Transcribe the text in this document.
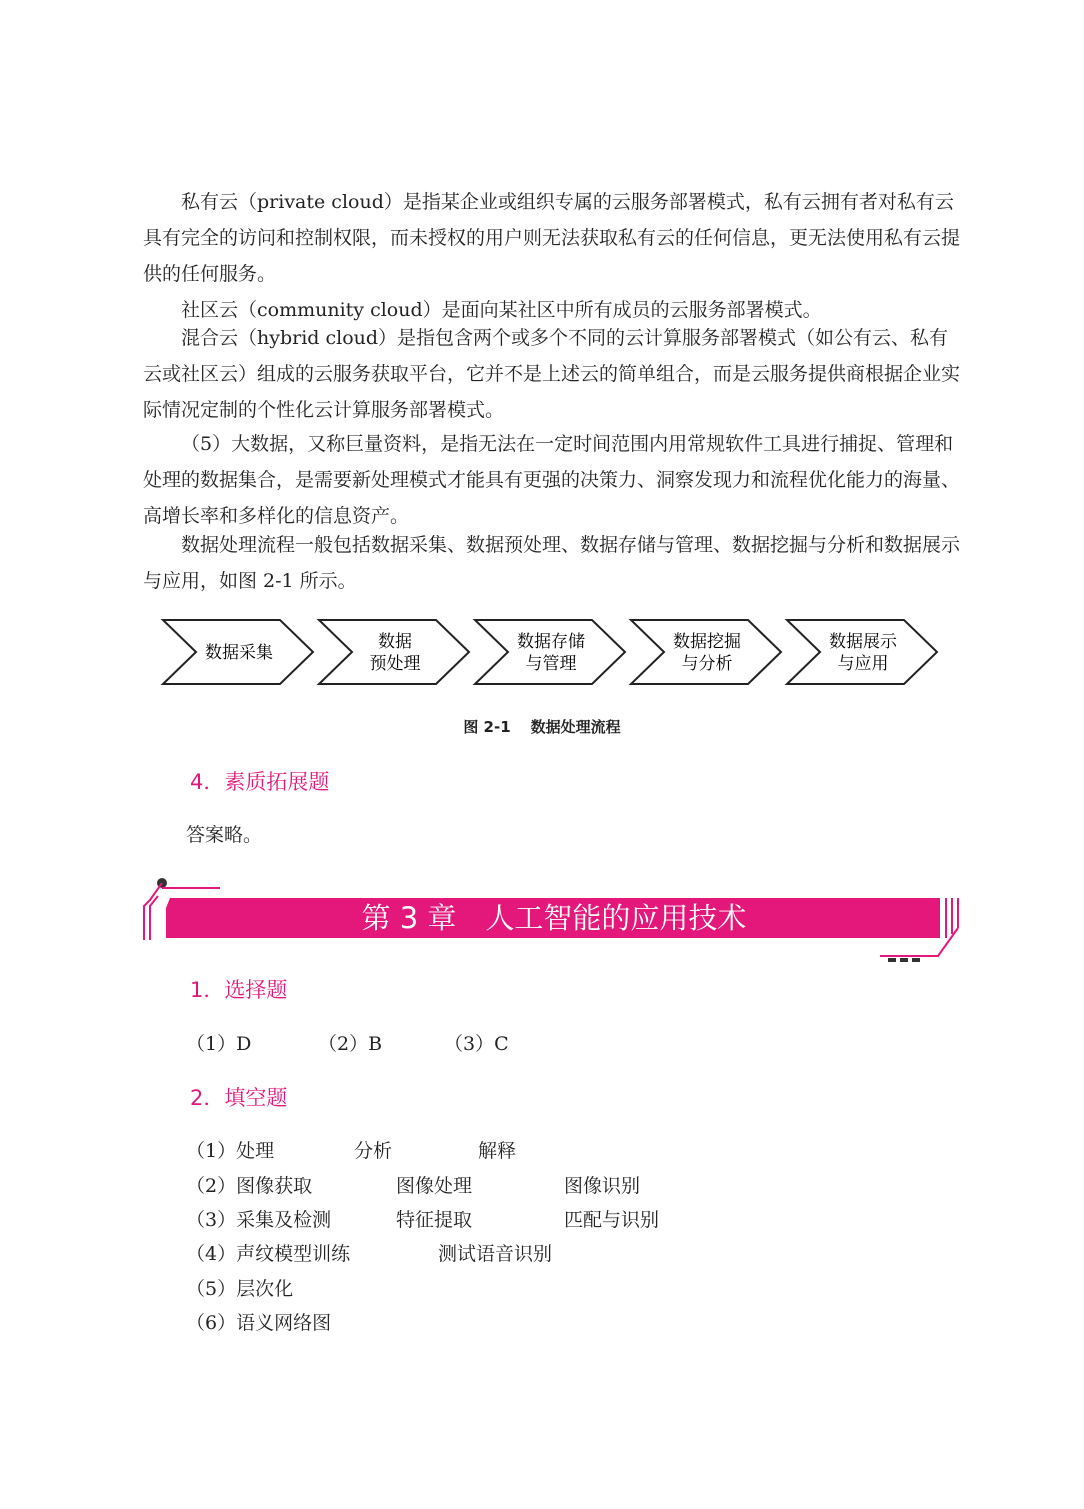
私有云（private cloud）是指某企业或组织专属的云服务部署模式，私有云拥有者对私有云具有完全的访问和控制权限，而未授权的用户则无法获取私有云的任何信息，更无法使用私有云提供的任何服务。

社区云（community cloud）是面向某社区中所有成员的云服务部署模式。

混合云（hybrid cloud）是指包含两个或多个不同的云计算服务部署模式（如公有云、私有云或社区云）组成的云服务获取平台，它并不是上述云的简单组合，而是云服务提供商根据企业实际情况定制的个性化云计算服务部署模式。

（5）大数据，又称巨量资料，是指无法在一定时间范围内用常规软件工具进行捕捉、管理和处理的数据集合，是需要新处理模式才能具有更强的决策力、洞察发现力和流程优化能力的海量、高增长率和多样化的信息资产。

数据处理流程一般包括数据采集、数据预处理、数据存储与管理、数据挖掘与分析和数据展示与应用，如图 2-1 所示。

数据采集
数据
预处理
数据存储
与管理
数据挖掘
与分析
数据展示
与应用
图 2-1 数据处理流程
4．素质拓展题

答案略。

第 3 章　人工智能的应用技术
1．选择题
（1）D	（2）B	（3）C
2．填空题
（1）处理	分析	解释
（2）图像获取	图像处理	图像识别
（3）采集及检测	特征提取	匹配与识别
（4）声纹模型训练	测试语音识别
（5）层次化
（6）语义网络图
